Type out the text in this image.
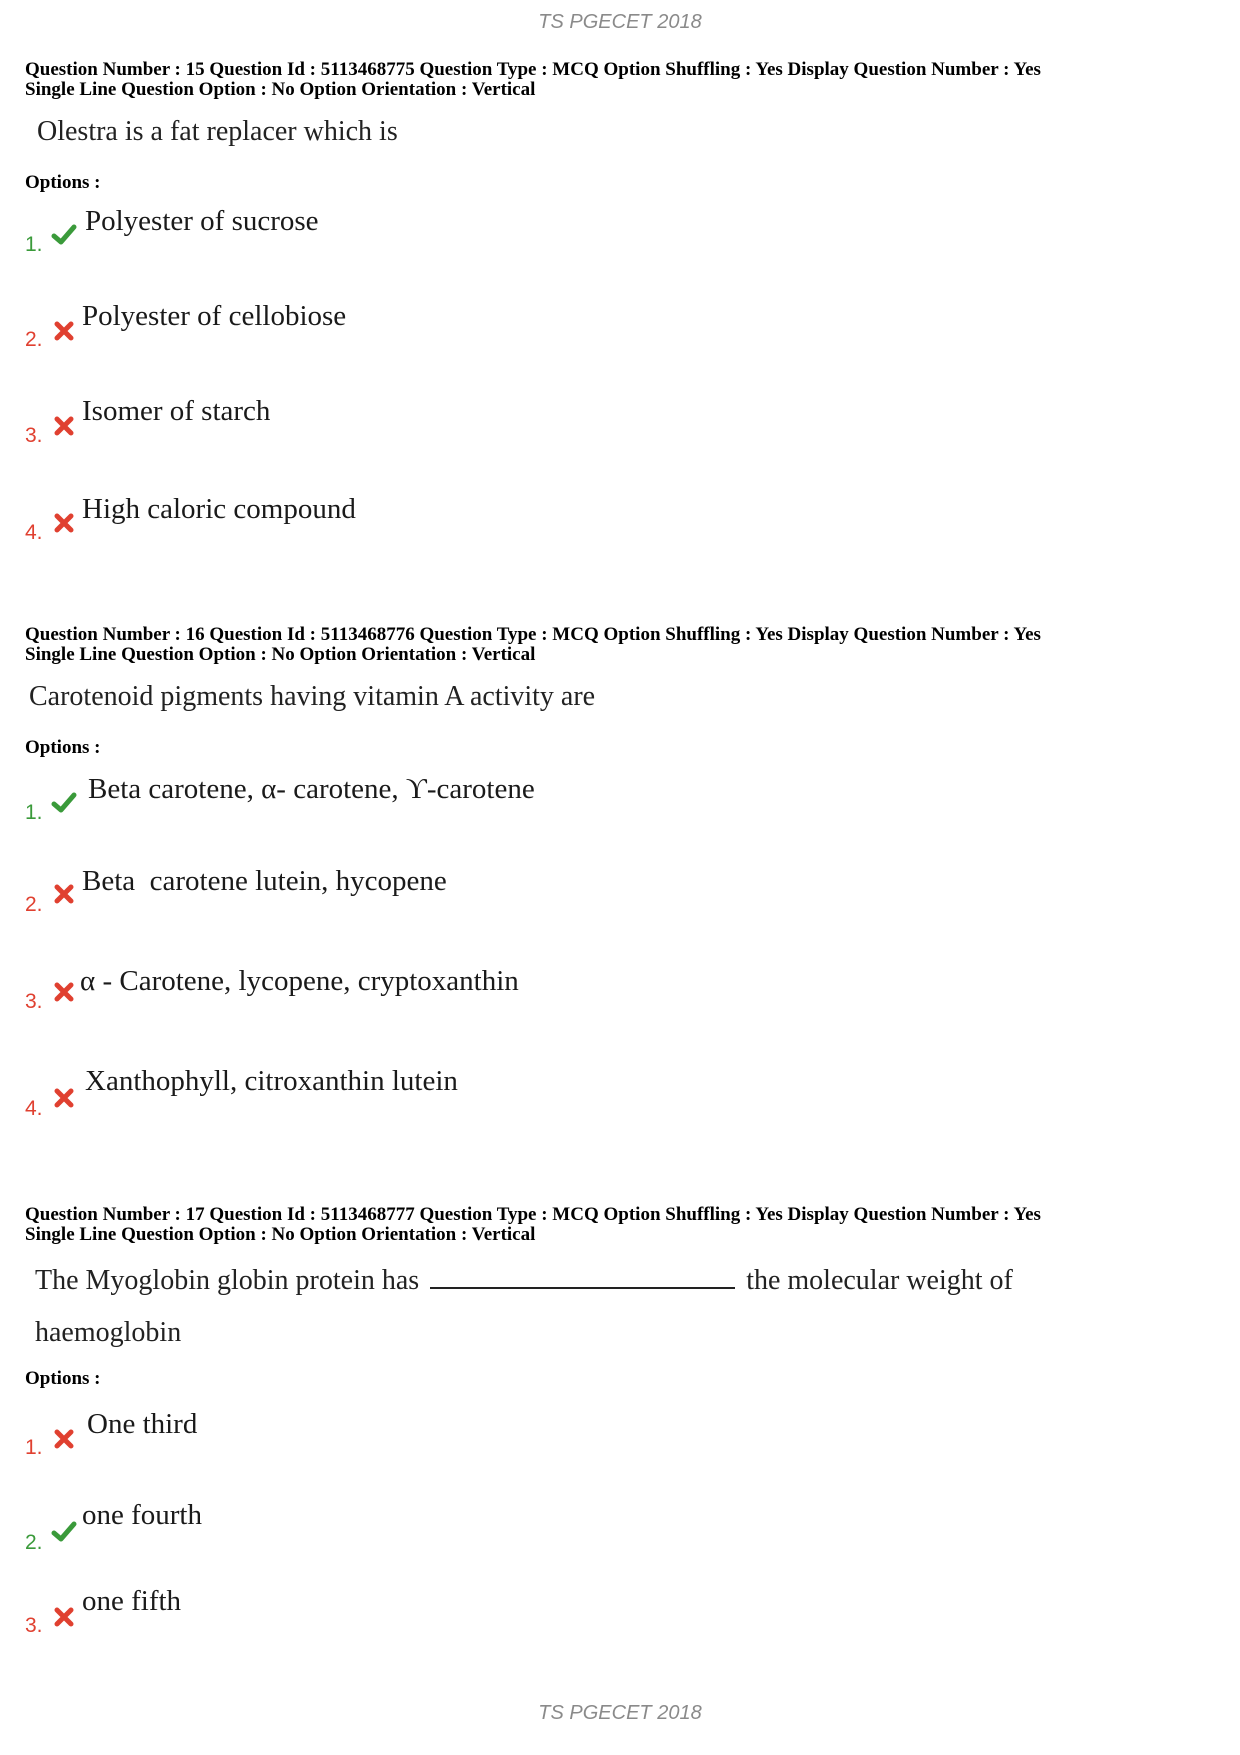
TS PGECET 2018
Question Number : 15 Question Id : 5113468775 Question Type : MCQ Option Shuffling : Yes Display Question Number : Yes
Single Line Question Option : No Option Orientation : Vertical
Olestra is a fat replacer which is
Options :
1.
Polyester of sucrose
2.
Polyester of cellobiose
3.
Isomer of starch
4.
High caloric compound
Question Number : 16 Question Id : 5113468776 Question Type : MCQ Option Shuffling : Yes Display Question Number : Yes
Single Line Question Option : No Option Orientation : Vertical
Carotenoid pigments having vitamin A activity are
Options :
1.
Beta carotene, α- carotene, ϒ-carotene
2.
Beta  carotene lutein, hycopene
3.
α - Carotene, lycopene, cryptoxanthin
4.
Xanthophyll, citroxanthin lutein
Question Number : 17 Question Id : 5113468777 Question Type : MCQ Option Shuffling : Yes Display Question Number : Yes
Single Line Question Option : No Option Orientation : Vertical
The Myoglobin globin protein has	the molecular weight of
haemoglobin
Options :
1.
One third
2.
one fourth
3.
one fifth
TS PGECET 2018
